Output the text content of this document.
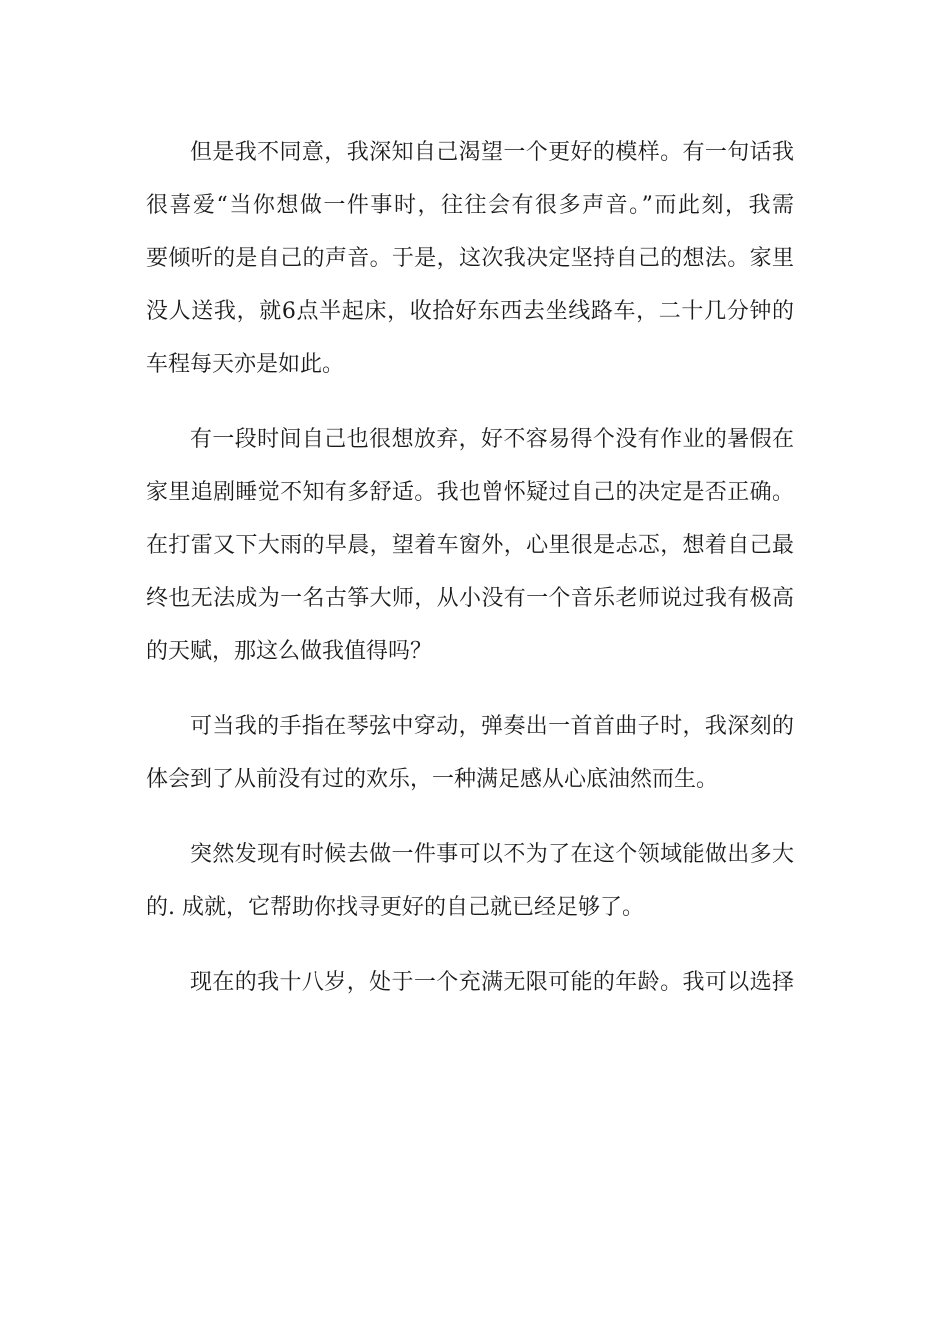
但是我不同意，我深知自己渴望一个更好的模样。有一句话我
很喜爱“当你想做一件事时，往往会有很多声音。”而此刻，我需
要倾听的是自己的声音。于是，这次我决定坚持自己的想法。家里
没人送我，就6点半起床，收拾好东西去坐线路车，二十几分钟的
车程每天亦是如此。
有一段时间自己也很想放弃，好不容易得个没有作业的暑假在
家里追剧睡觉不知有多舒适。我也曾怀疑过自己的决定是否正确。
在打雷又下大雨的早晨，望着车窗外，心里很是忐忑，想着自己最
终也无法成为一名古筝大师，从小没有一个音乐老师说过我有极高
的天赋，那这么做我值得吗？
可当我的手指在琴弦中穿动，弹奏出一首首曲子时，我深刻的
体会到了从前没有过的欢乐，一种满足感从心底油然而生。
突然发现有时候去做一件事可以不为了在这个领域能做出多大
的. 成就，它帮助你找寻更好的自己就已经足够了。
现在的我十八岁，处于一个充满无限可能的年龄。我可以选择
